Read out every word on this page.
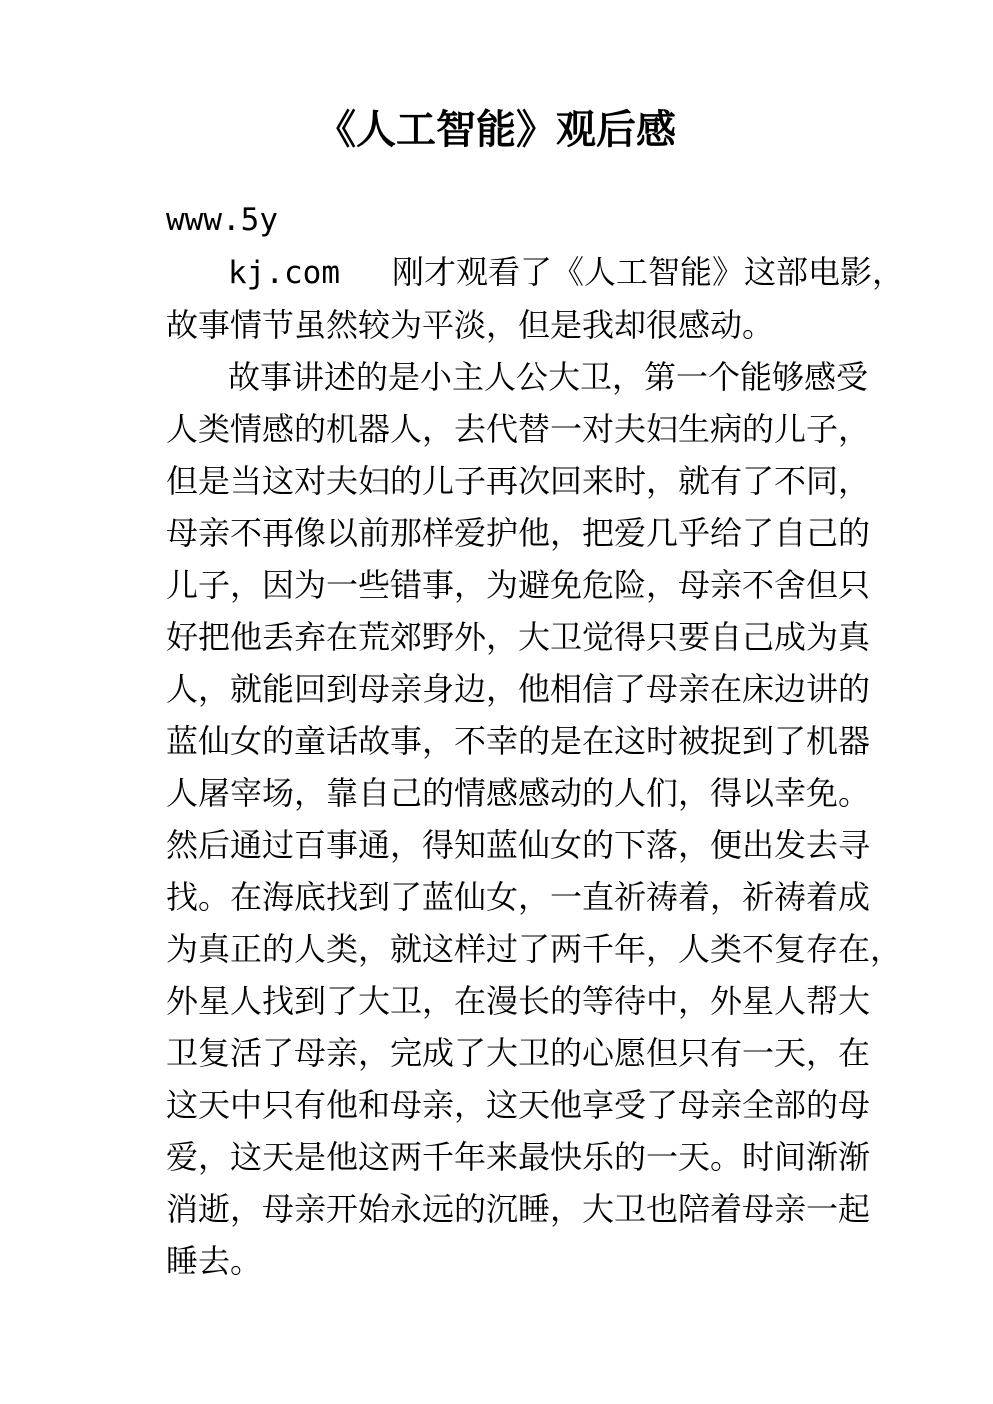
《人工智能》观后感
www.5y
kj.com 刚才观看了《人工智能》这部电影，
故事情节虽然较为平淡，但是我却很感动。
故事讲述的是小主人公大卫，第一个能够感受
人类情感的机器人，去代替一对夫妇生病的儿子，
但是当这对夫妇的儿子再次回来时，就有了不同，
母亲不再像以前那样爱护他，把爱几乎给了自己的
儿子，因为一些错事，为避免危险，母亲不舍但只
好把他丢弃在荒郊野外，大卫觉得只要自己成为真
人，就能回到母亲身边，他相信了母亲在床边讲的
蓝仙女的童话故事，不幸的是在这时被捉到了机器
人屠宰场，靠自己的情感感动的人们，得以幸免。
然后通过百事通，得知蓝仙女的下落，便出发去寻
找。在海底找到了蓝仙女，一直祈祷着，祈祷着成
为真正的人类，就这样过了两千年，人类不复存在，
外星人找到了大卫，在漫长的等待中，外星人帮大
卫复活了母亲，完成了大卫的心愿但只有一天，在
这天中只有他和母亲，这天他享受了母亲全部的母
爱，这天是他这两千年来最快乐的一天。时间渐渐
消逝，母亲开始永远的沉睡，大卫也陪着母亲一起
睡去。
